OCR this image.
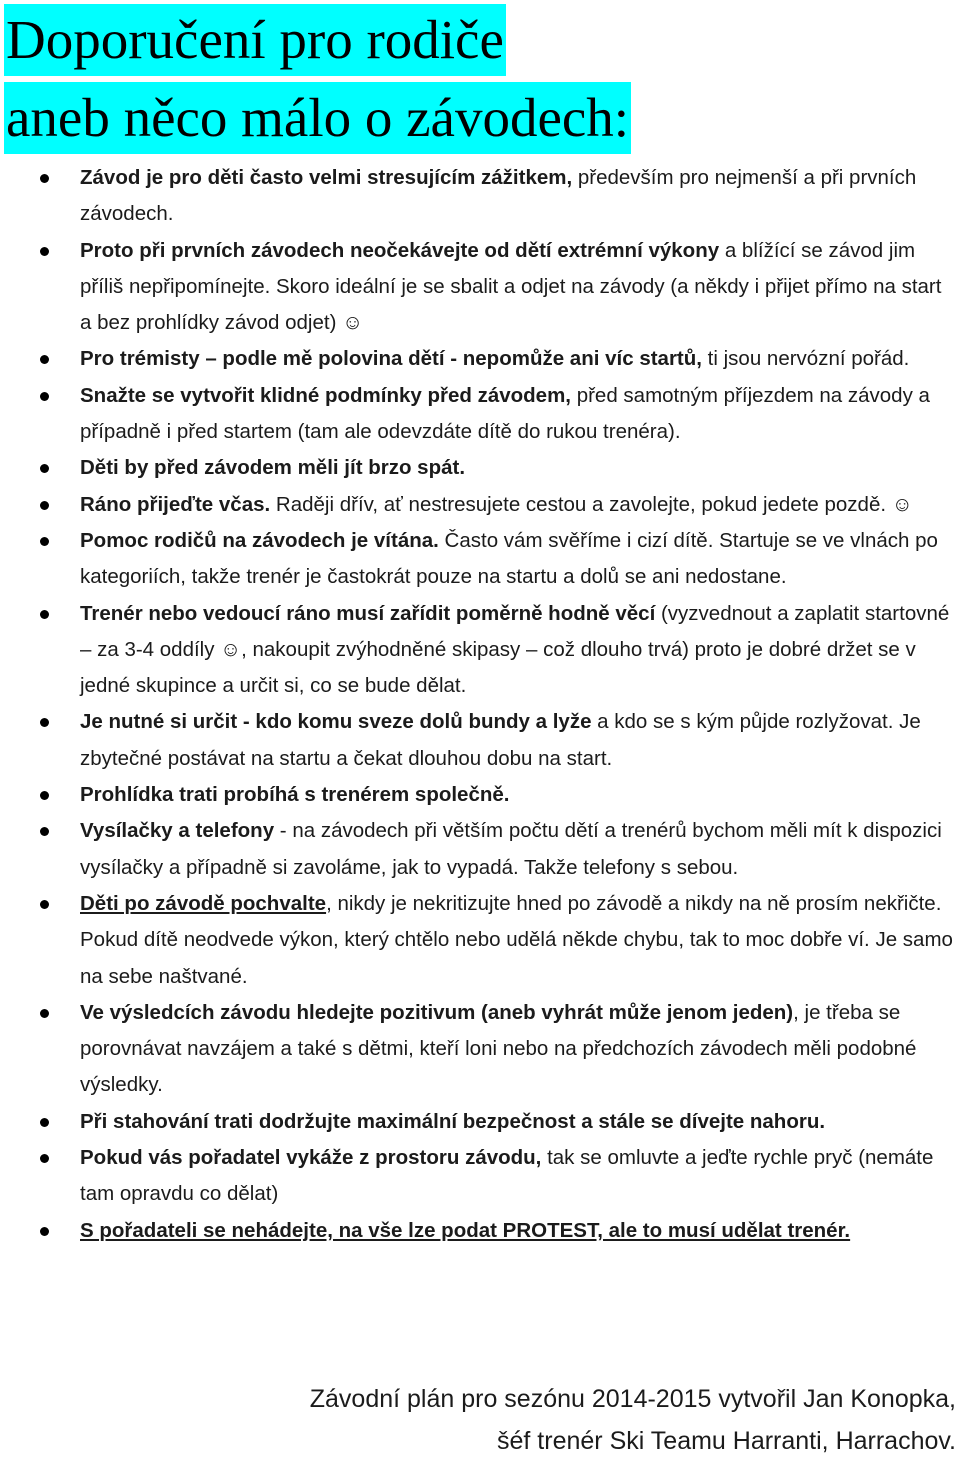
Doporučení pro rodiče
aneb něco málo o závodech:
Závod je pro děti často velmi stresujícím zážitkem, především pro nejmenší a při prvních závodech.
Proto při prvních závodech neočekávejte od dětí extrémní výkony a blížící se závod jim příliš nepřipomínejte. Skoro ideální je se sbalit a odjet na závody (a někdy i přijet přímo na start a bez prohlídky závod odjet) ☺
Pro trémisty – podle mě polovina dětí - nepomůže ani víc startů, ti jsou nervózní pořád.
Snažte se vytvořit klidné podmínky před závodem, před samotným příjezdem na závody a případně i před startem (tam ale odevzdáte dítě do rukou trenéra).
Děti by před závodem měli jít brzo spát.
Ráno přijeďte včas. Raději dřív, ať nestresujete cestou a zavolejte, pokud jedete pozdě. ☺
Pomoc rodičů na závodech je vítána. Často vám svěříme i cizí dítě. Startuje se ve vlnách po kategoriích, takže trenér je častokrát pouze na startu a dolů se ani nedostane.
Trenér nebo vedoucí ráno musí zařídit poměrně hodně věcí (vyzvednout a zaplatit startovné – za 3-4 oddíly ☺, nakoupit zvýhodněné skipasy – což dlouho trvá) proto je dobré držet se v jedné skupince a určit si, co se bude dělat.
Je nutné si určit - kdo komu sveze dolů bundy a lyže a kdo se s kým půjde rozlyžovat. Je zbytečné postávat na startu a čekat dlouhou dobu na start.
Prohlídka trati probíhá s trenérem společně.
Vysílačky a telefony - na závodech při větším počtu dětí a trenérů bychom měli mít k dispozici vysílačky a případně si zavoláme, jak to vypadá. Takže telefony s sebou.
Děti po závodě pochvalte, nikdy je nekritizujte hned po závodě a nikdy na ně prosím nekřičte. Pokud dítě neodvede výkon, který chtělo nebo udělá někde chybu, tak to moc dobře ví. Je samo na sebe naštvané.
Ve výsledcích závodu hledejte pozitivum (aneb vyhrát může jenom jeden), je třeba se porovnávat navzájem a také s dětmi, kteří loni nebo na předchozích závodech měli podobné výsledky.
Při stahování trati dodržujte maximální bezpečnost a stále se dívejte nahoru.
Pokud vás pořadatel vykáže z prostoru závodu, tak se omluvte a jeďte rychle pryč (nemáte tam opravdu co dělat)
S pořadateli se nehádejte, na vše lze podat PROTEST, ale to musí udělat trenér.
Závodní plán pro sezónu 2014-2015 vytvořil Jan Konopka,
šéf trenér Ski Teamu Harranti, Harrachov.
